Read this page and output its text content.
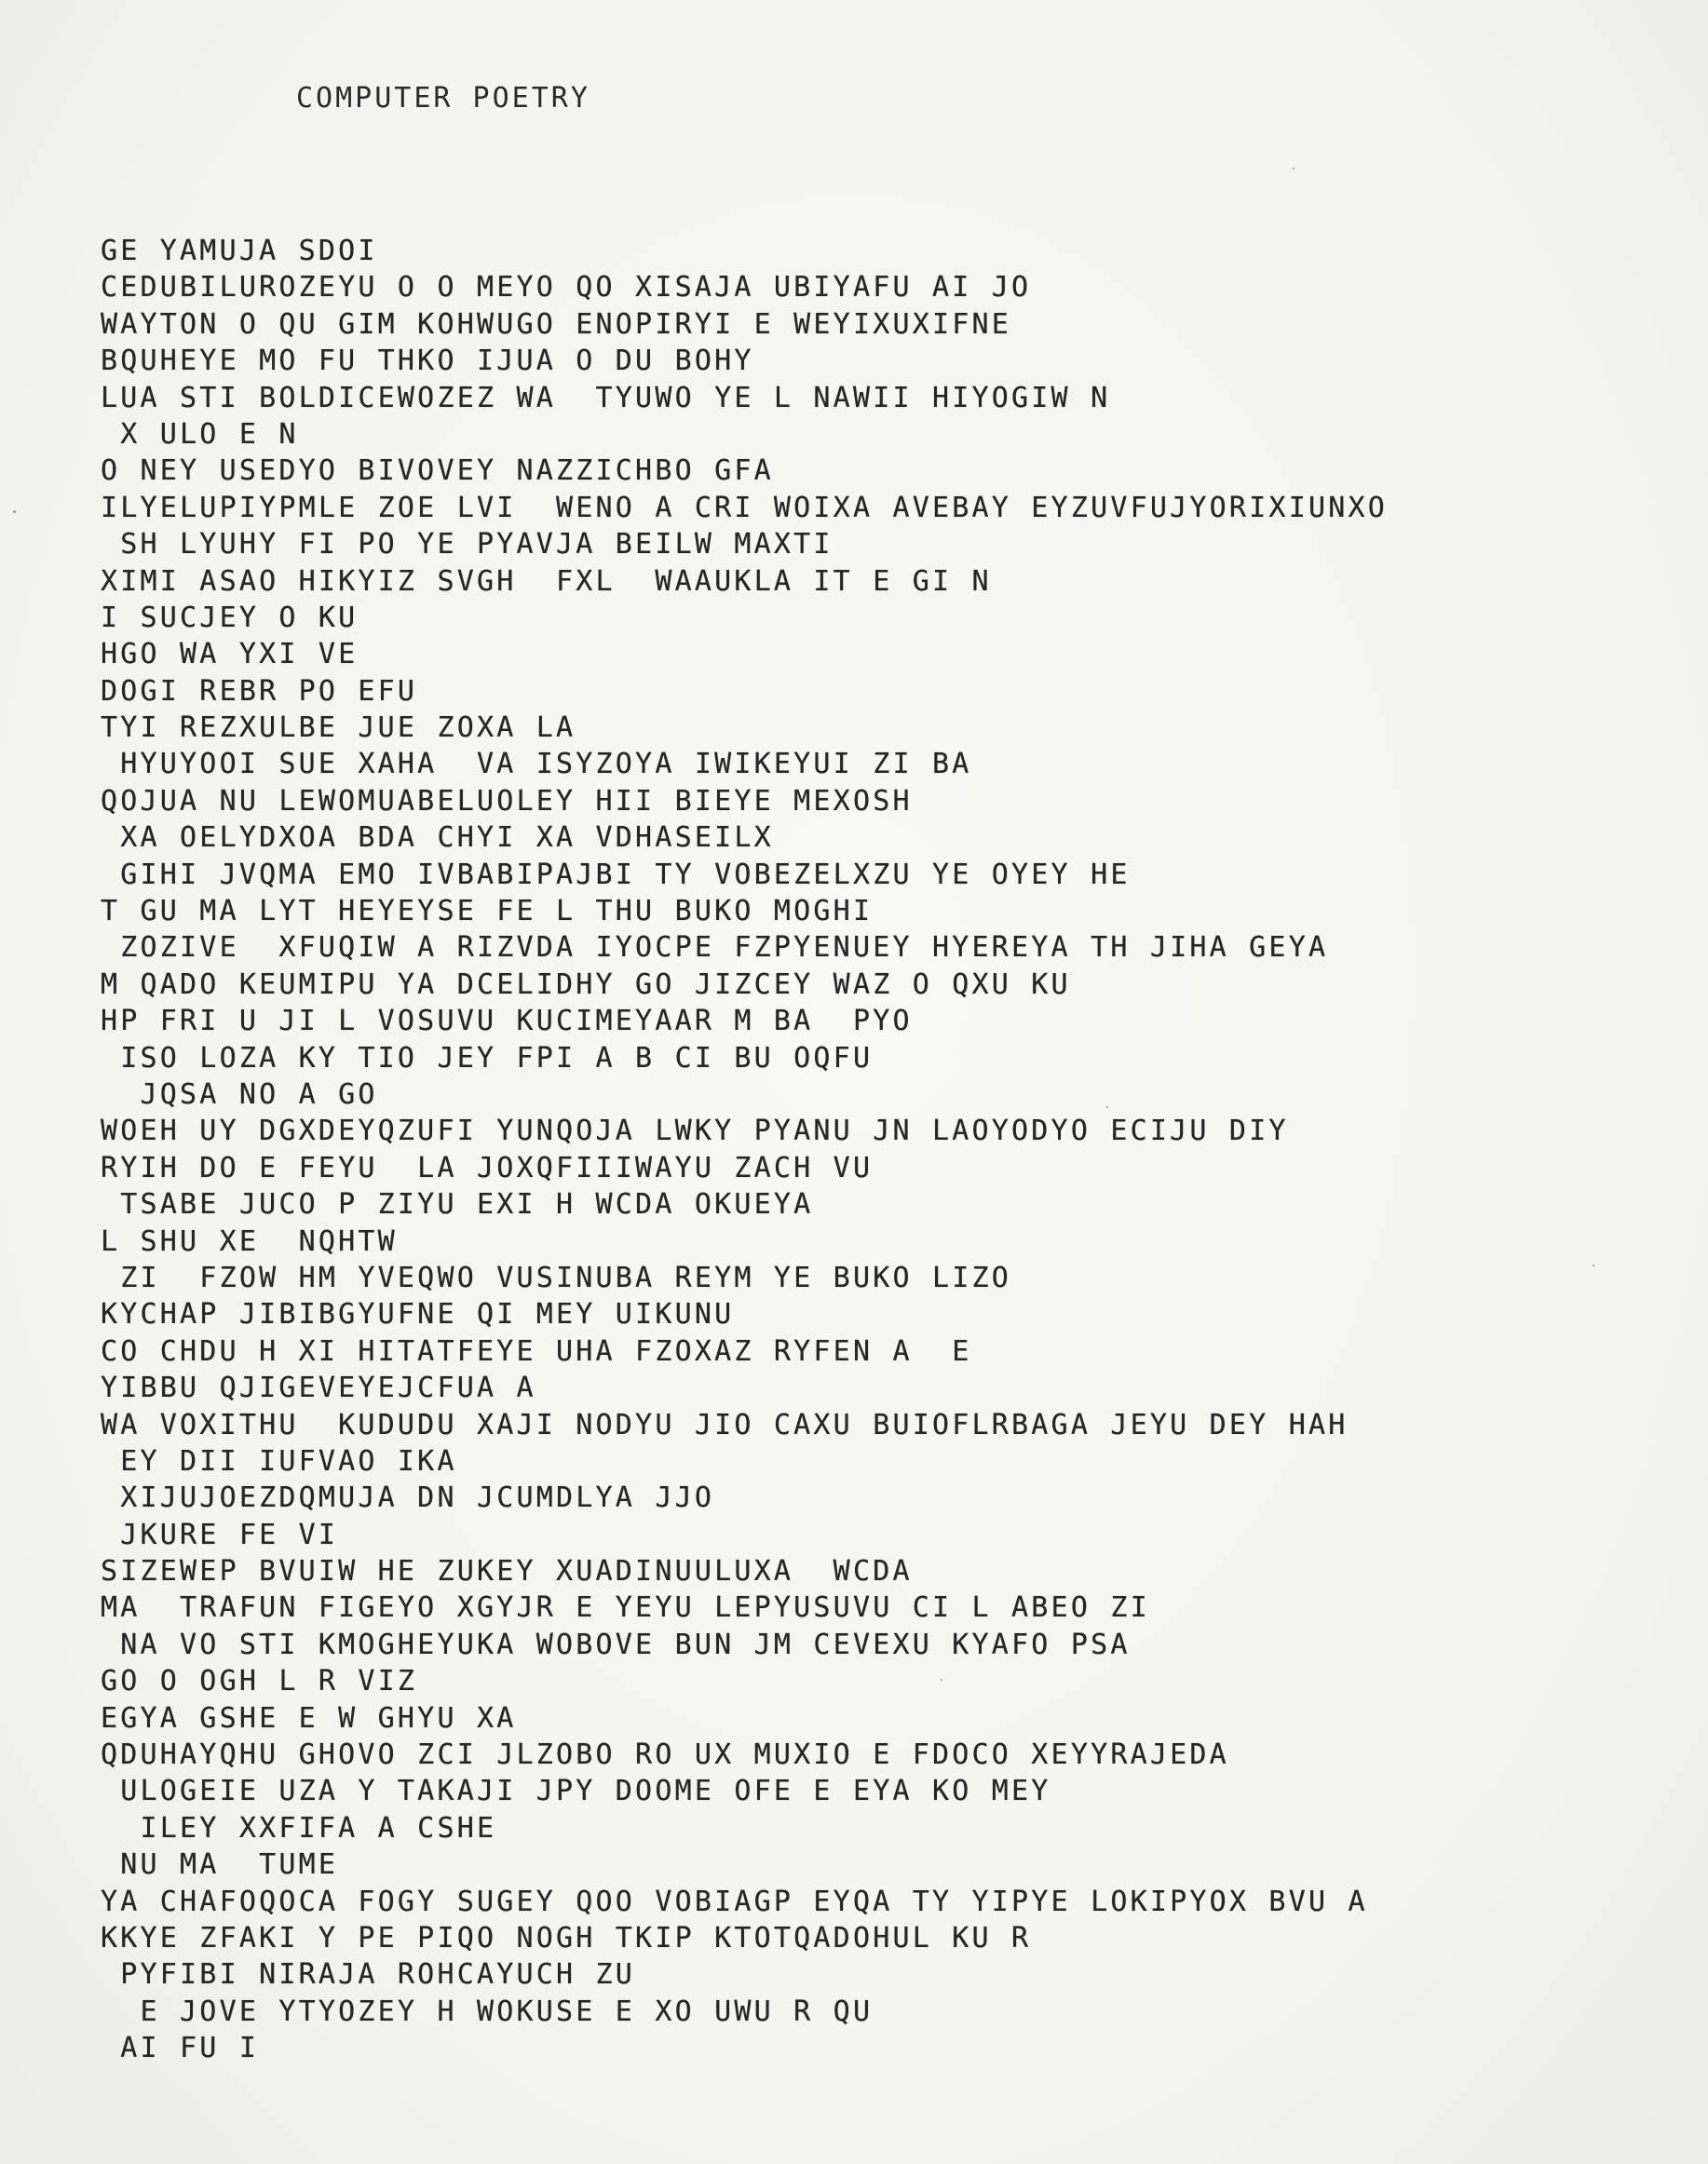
COMPUTER POETRY
GE YAMUJA SDOI
CEDUBILUROZEYU O O MEYO QO XISAJA UBIYAFU AI JO
WAYTON O QU GIM KOHWUGO ENOPIRYI E WEYIXUXIFNE
BQUHEYE MO FU THKO IJUA O DU BOHY
LUA STI BOLDICEWOZEZ WA  TYUWO YE L NAWII HIYOGIW N
X ULO E N
O NEY USEDYO BIVOVEY NAZZICHBO GFA
ILYELUPIYPMLE ZOE LVI  WENO A CRI WOIXA AVEBAY EYZUVFUJYORIXIUNXO
SH LYUHY FI PO YE PYAVJA BEILW MAXTI
XIMI ASAO HIKYIZ SVGH  FXL  WAAUKLA IT E GI N
I SUCJEY O KU
HGO WA YXI VE
DOGI REBR PO EFU
TYI REZXULBE JUE ZOXA LA
HYUYOOI SUE XAHA  VA ISYZOYA IWIKEYUI ZI BA
QOJUA NU LEWOMUABELUOLEY HII BIEYE MEXOSH
XA OELYDXOA BDA CHYI XA VDHASEILX
GIHI JVQMA EMO IVBABIPAJBI TY VOBEZELXZU YE OYEY HE
T GU MA LYT HEYEYSE FE L THU BUKO MOGHI
ZOZIVE  XFUQIW A RIZVDA IYOCPE FZPYENUEY HYEREYA TH JIHA GEYA
M QADO KEUMIPU YA DCELIDHY GO JIZCEY WAZ O QXU KU
HP FRI U JI L VOSUVU KUCIMEYAAR M BA  PYO
ISO LOZA KY TIO JEY FPI A B CI BU OQFU
JQSA NO A GO
WOEH UY DGXDEYQZUFI YUNQOJA LWKY PYANU JN LAOYODYO ECIJU DIY
RYIH DO E FEYU  LA JOXQFIIIWAYU ZACH VU
TSABE JUCO P ZIYU EXI H WCDA OKUEYA
L SHU XE  NQHTW
ZI  FZOW HM YVEQWO VUSINUBA REYM YE BUKO LIZO
KYCHAP JIBIBGYUFNE QI MEY UIKUNU
CO CHDU H XI HITATFEYE UHA FZOXAZ RYFEN A  E
YIBBU QJIGEVEYEJCFUA A
WA VOXITHU  KUDUDU XAJI NODYU JIO CAXU BUIOFLRBAGA JEYU DEY HAH
EY DII IUFVAO IKA
XIJUJOEZDQMUJA DN JCUMDLYA JJO
JKURE FE VI
SIZEWEP BVUIW HE ZUKEY XUADINUULUXA  WCDA
MA  TRAFUN FIGEYO XGYJR E YEYU LEPYUSUVU CI L ABEO ZI
NA VO STI KMOGHEYUKA WOBOVE BUN JM CEVEXU KYAFO PSA
GO O OGH L R VIZ
EGYA GSHE E W GHYU XA
QDUHAYQHU GHOVO ZCI JLZOBO RO UX MUXIO E FDOCO XEYYRAJEDA
ULOGEIE UZA Y TAKAJI JPY DOOME OFE E EYA KO MEY
ILEY XXFIFA A CSHE
NU MA  TUME
YA CHAFOQOCA FOGY SUGEY QOO VOBIAGP EYQA TY YIPYE LOKIPYOX BVU A
KKYE ZFAKI Y PE PIQO NOGH TKIP KTOTQADOHUL KU R
PYFIBI NIRAJA ROHCAYUCH ZU
E JOVE YTYOZEY H WOKUSE E XO UWU R QU
AI FU I
